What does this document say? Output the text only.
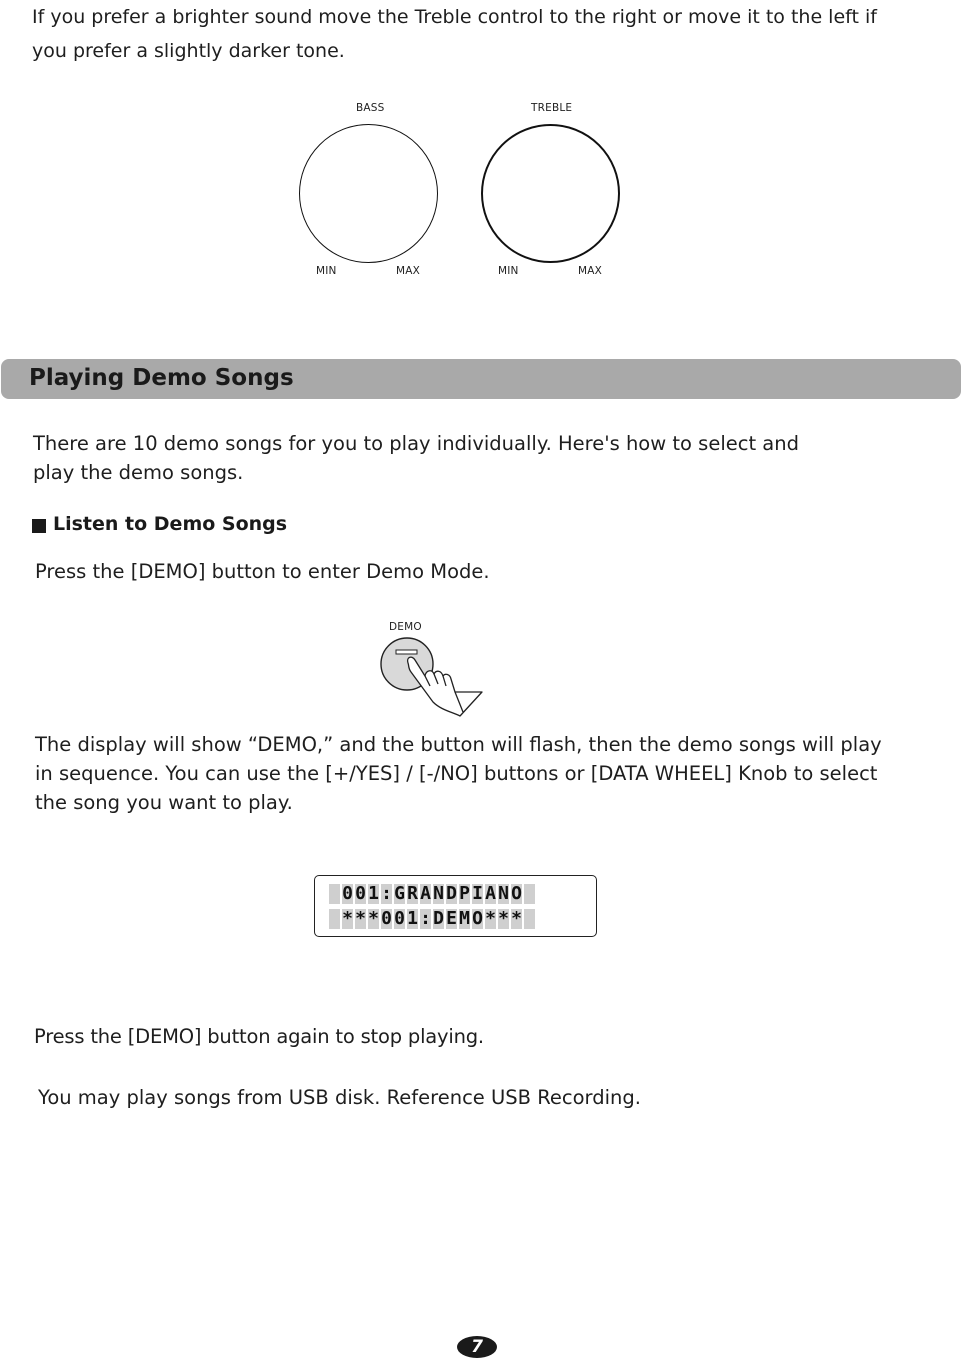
If you prefer a brighter sound move the Treble control to the right or move it to the left if
you prefer a slightly darker tone.
BASS
MIN	MAX
TREBLE
MIN	MAX
Playing Demo Songs
There are 10 demo songs for you to play individually. Here's how to select and
play the demo songs.
Listen to Demo Songs
Press the [DEMO] button to enter Demo Mode.
DEMO
The display will show “DEMO,” and the button will flash, then the demo songs will play
in sequence. You can use the [+/YES] / [-/NO] buttons or [DATA WHEEL] Knob to select
the song you want to play.
0 0 1 : G R A N D P I A N O
* * * 0 0 1 : D E M O * * *
Press the [DEMO] button again to stop playing.
You may play songs from USB disk. Reference USB Recording.
7
